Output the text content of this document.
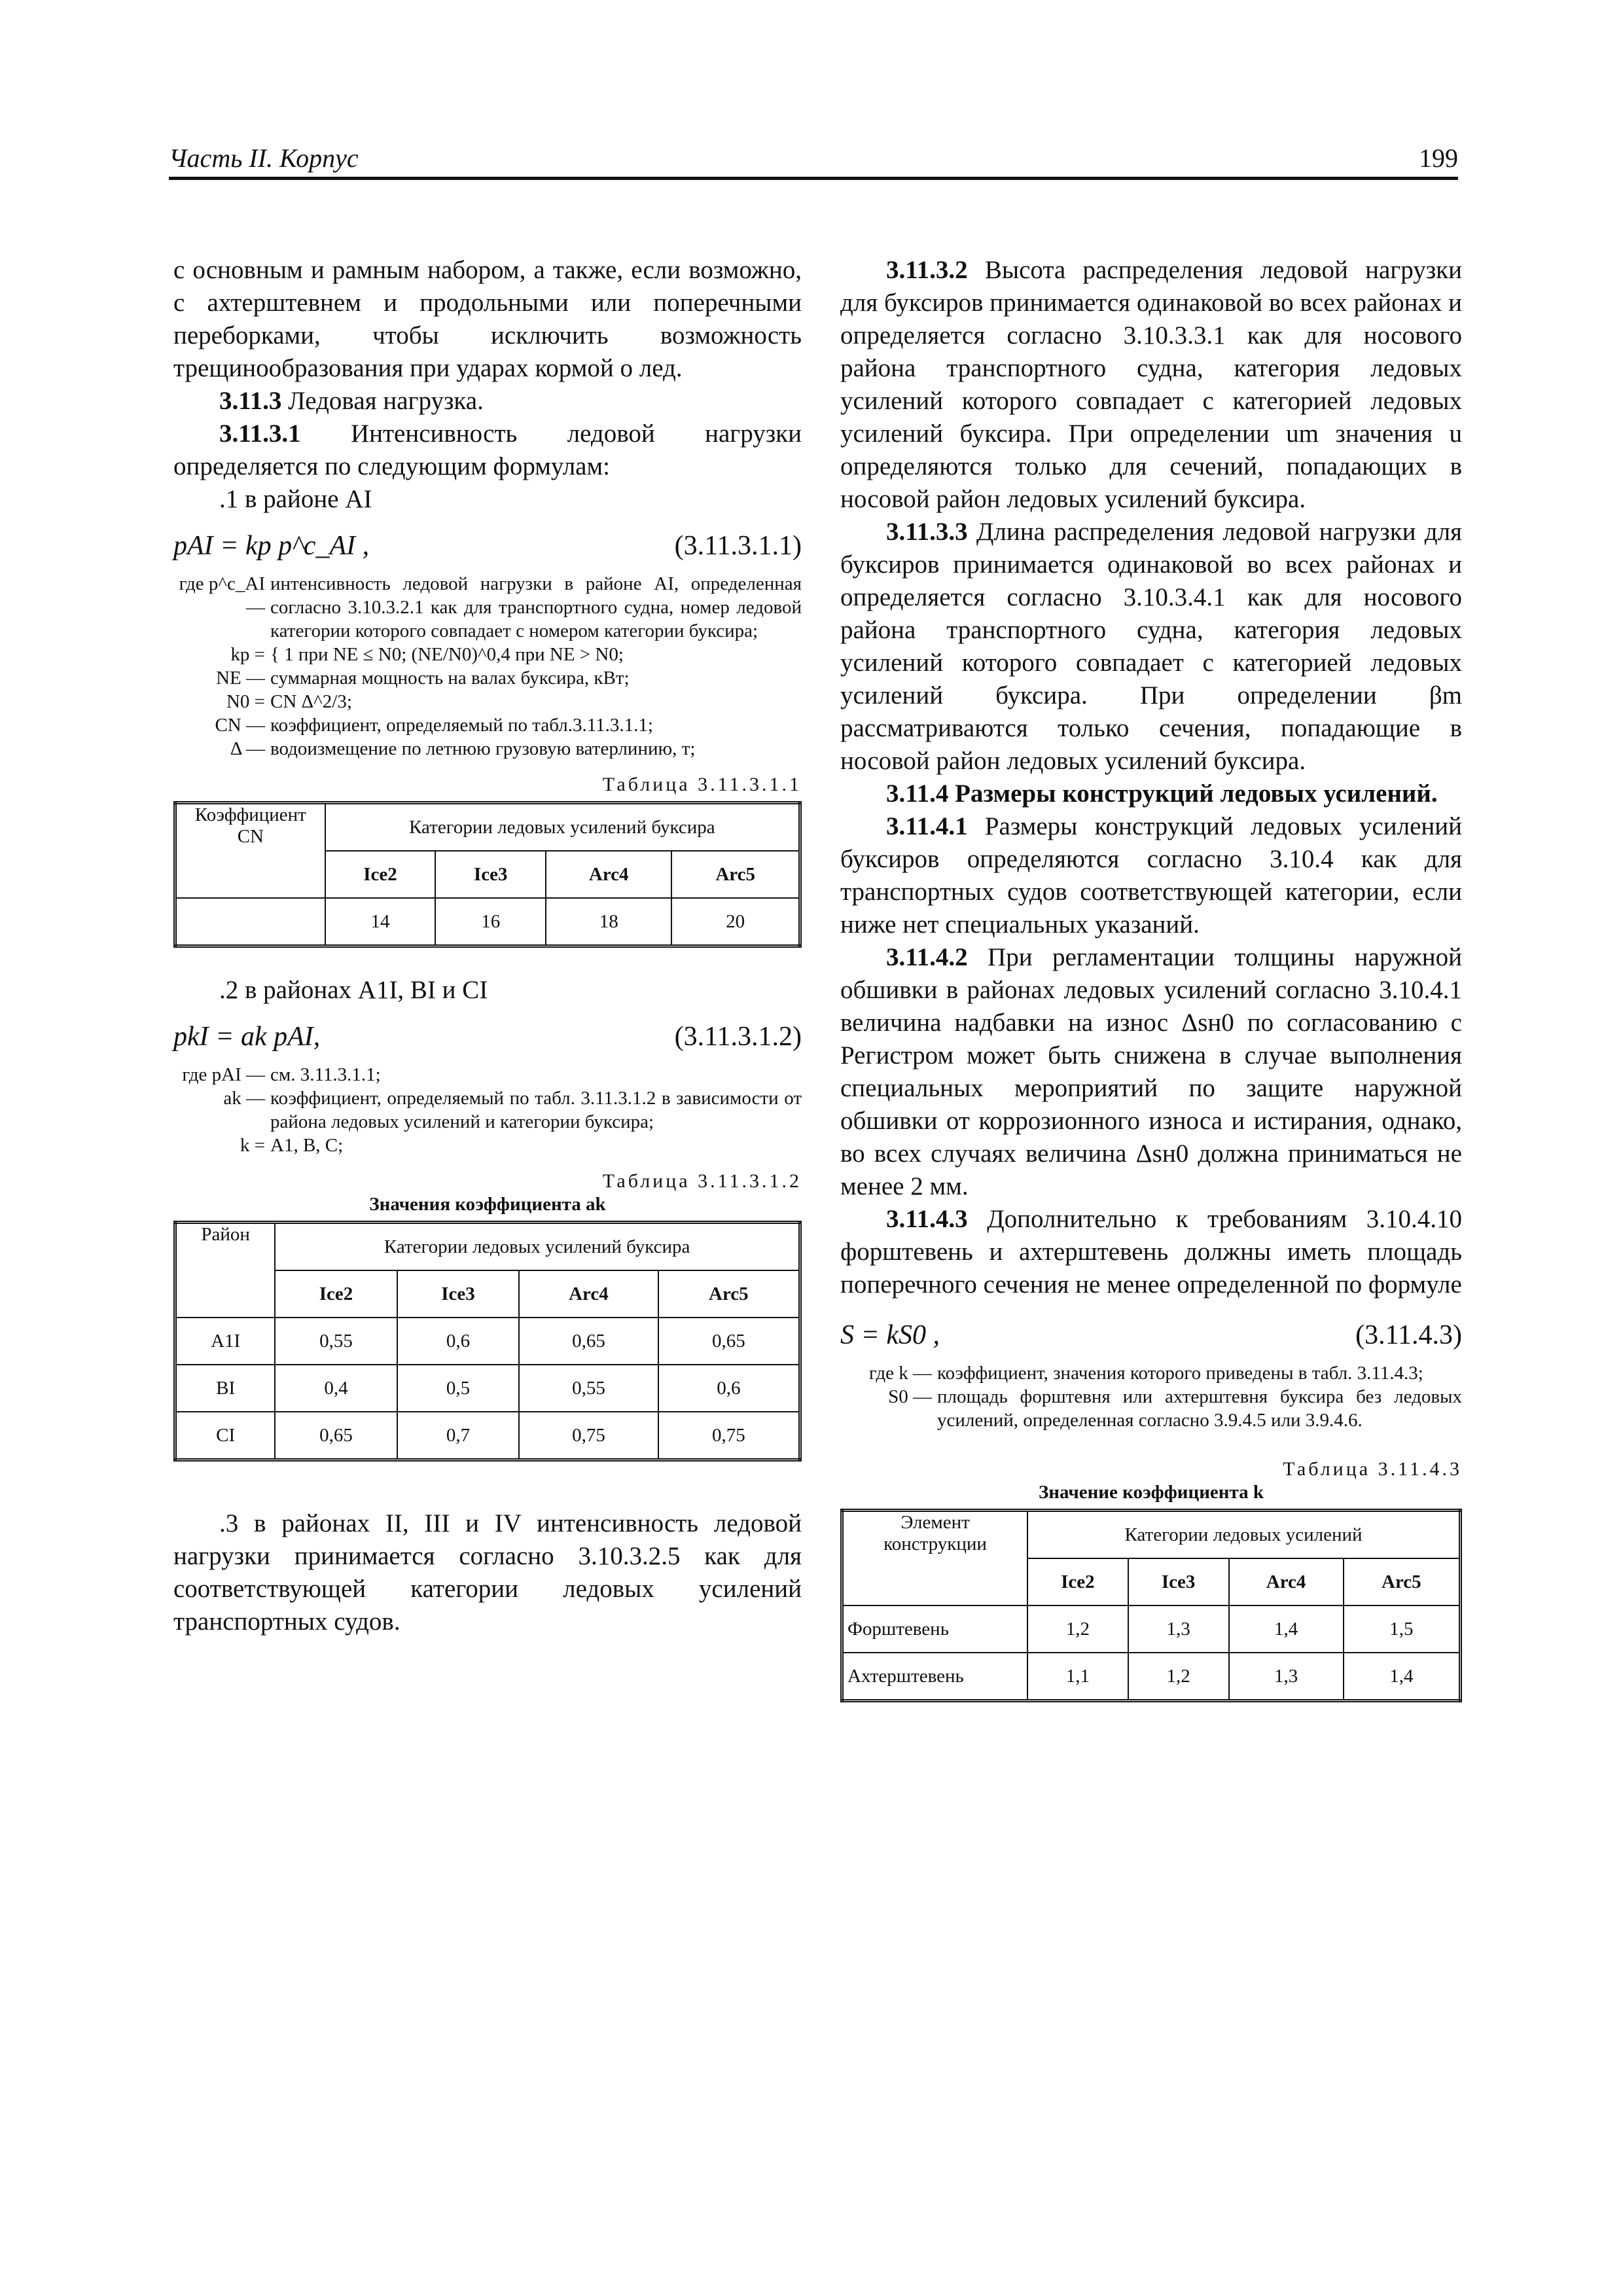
Часть II. Корпус	199

с основным и рамным набором, а также, если возможно, с ахтерштевнем и продольными или поперечными переборками, чтобы исключить возможность трещинообразования при ударах кормой о лед.

3.11.3 Ледовая нагрузка.

3.11.3.1 Интенсивность ледовой нагрузки определяется по следующим формулам:

.1 в районе AI

pAI = kp p^c_AI ,	(3.11.3.1.1)
где p^c_AI —
интенсивность ледовой нагрузки в районе AI, определенная согласно 3.10.3.2.1 как для транспортного судна, номер ледовой категории которого совпадает с номером категории буксира;
kp = { 1 при NE ≤ N0; (NE/N0)^0,4 при NE > N0;
NE — суммарная мощность на валах буксира, кВт;
N0 = CN Δ^2/3;
CN — коэффициент, определяемый по табл.3.11.3.1.1;
Δ — водоизмещение по летнюю грузовую ватерлинию, т;
Таблица 3.11.3.1.1
Коэффициент CN	Категории ледовых усилений буксира			
	Ice2	Ice3	Arc4	Arc5
	14	16	18	20

.2 в районах A1I, BI и CI

pkI = ak pAI,	(3.11.3.1.2)
где pAI — см. 3.11.3.1.1;
ak — коэффициент, определяемый по табл. 3.11.3.1.2 в зависимости от района ледовых усилений и категории буксира;
k = A1, B, C;
Таблица 3.11.3.1.2
Значения коэффициента ak
Район	Категории ледовых усилений буксира			
	Ice2	Ice3	Arc4	Arc5
A1I	0,55	0,6	0,65	0,65
BI	0,4	0,5	0,55	0,6
CI	0,65	0,7	0,75	0,75

.3 в районах II, III и IV интенсивность ледовой нагрузки принимается согласно 3.10.3.2.5 как для соответствующей категории ледовых усилений транспортных судов.

3.11.3.2 Высота распределения ледовой нагрузки для буксиров принимается одинаковой во всех районах и определяется согласно 3.10.3.3.1 как для носового района транспортного судна, категория ледовых усилений которого совпадает с категорией ледовых усилений буксира. При определении um значения u определяются только для сечений, попадающих в носовой район ледовых усилений буксира.

3.11.3.3 Длина распределения ледовой нагрузки для буксиров принимается одинаковой во всех районах и определяется согласно 3.10.3.4.1 как для носового района транспортного судна, категория ледовых усилений которого совпадает с категорией ледовых усилений буксира. При определении βm рассматриваются только сечения, попадающие в носовой район ледовых усилений буксира.

3.11.4 Размеры конструкций ледовых усилений.

3.11.4.1 Размеры конструкций ледовых усилений буксиров определяются согласно 3.10.4 как для транспортных судов соответствующей категории, если ниже нет специальных указаний.

3.11.4.2 При регламентации толщины наружной обшивки в районах ледовых усилений согласно 3.10.4.1 величина надбавки на износ Δsн0 по согласованию с Регистром может быть снижена в случае выполнения специальных мероприятий по защите наружной обшивки от коррозионного износа и истирания, однако, во всех случаях величина Δsн0 должна приниматься не менее 2 мм.

3.11.4.3 Дополнительно к требованиям 3.10.4.10 форштевень и ахтерштевень должны иметь площадь поперечного сечения не менее определенной по формуле

S = kS0 ,	(3.11.4.3)
где k — коэффициент, значения которого приведены в табл. 3.11.4.3;
S0 — площадь форштевня или ахтерштевня буксира без ледовых усилений, определенная согласно 3.9.4.5 или 3.9.4.6.
Таблица 3.11.4.3
Значение коэффициента k
Элемент конструкции	Категории ледовых усилений			
	Ice2	Ice3	Arc4	Arc5
Форштевень	1,2	1,3	1,4	1,5
Ахтерштевень	1,1	1,2	1,3	1,4
